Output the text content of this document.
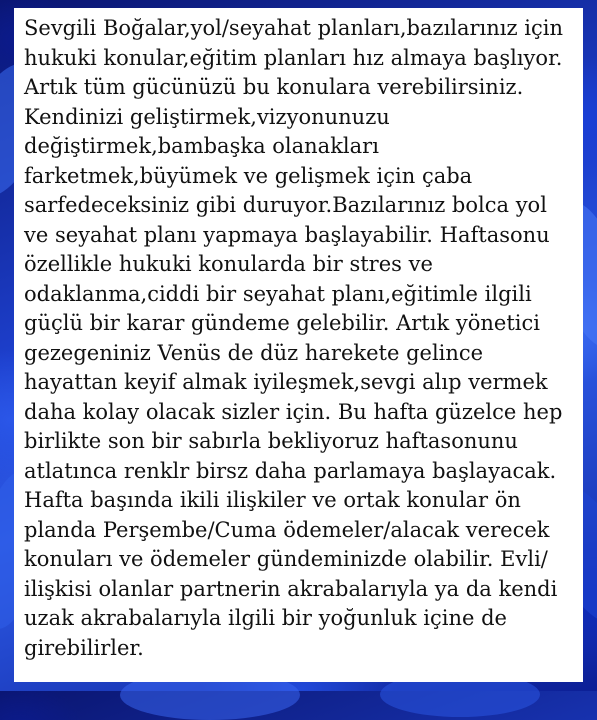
Sevgili Boğalar,yol/seyahat planları,bazılarınız için
hukuki konular,eğitim planları hız almaya başlıyor.
Artık tüm gücünüzü bu konulara verebilirsiniz.
Kendinizi geliştirmek,vizyonunuzu
değiştirmek,bambaşka olanakları
farketmek,büyümek ve gelişmek için çaba
sarfedeceksiniz gibi duruyor.Bazılarınız bolca yol
ve seyahat planı yapmaya başlayabilir. Haftasonu
özellikle hukuki konularda bir stres ve
odaklanma,ciddi bir seyahat planı,eğitimle ilgili
güçlü bir karar gündeme gelebilir. Artık yönetici
gezegeniniz Venüs de düz harekete gelince
hayattan keyif almak iyileşmek,sevgi alıp vermek
daha kolay olacak sizler için. Bu hafta güzelce hep
birlikte son bir sabırla bekliyoruz haftasonunu
atlatınca renklr birsz daha parlamaya başlayacak.
Hafta başında ikili ilişkiler ve ortak konular ön
planda Perşembe/Cuma ödemeler/alacak verecek
konuları ve ödemeler gündeminizde olabilir. Evli/
ilişkisi olanlar partnerin akrabalarıyla ya da kendi
uzak akrabalarıyla ilgili bir yoğunluk içine de
girebilirler.
